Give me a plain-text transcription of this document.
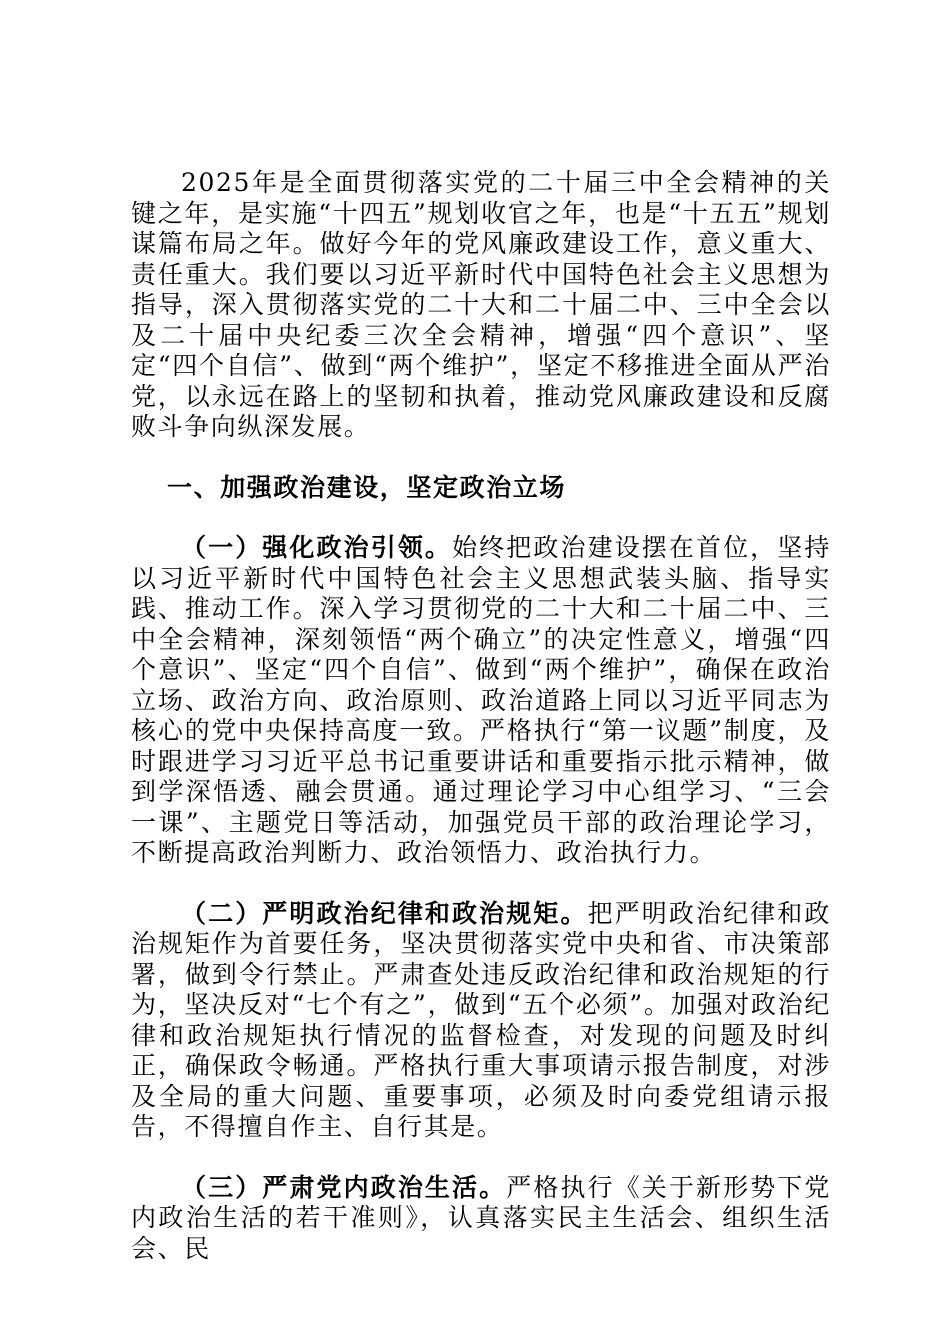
2025年是全面贯彻落实党的二十届三中全会精神的关键之年，是实施“十四五”规划收官之年，也是“十五五”规划谋篇布局之年。做好今年的党风廉政建设工作，意义重大、责任重大。我们要以习近平新时代中国特色社会主义思想为指导，深入贯彻落实党的二十大和二十届二中、三中全会以及二十届中央纪委三次全会精神，增强“四个意识”、坚定“四个自信”、做到“两个维护”，坚定不移推进全面从严治党，以永远在路上的坚韧和执着，推动党风廉政建设和反腐败斗争向纵深发展。

一、加强政治建设，坚定政治立场

（一）强化政治引领。始终把政治建设摆在首位，坚持以习近平新时代中国特色社会主义思想武装头脑、指导实践、推动工作。深入学习贯彻党的二十大和二十届二中、三中全会精神，深刻领悟“两个确立”的决定性意义，增强“四个意识”、坚定“四个自信”、做到“两个维护”，确保在政治立场、政治方向、政治原则、政治道路上同以习近平同志为核心的党中央保持高度一致。严格执行“第一议题”制度，及时跟进学习习近平总书记重要讲话和重要指示批示精神，做到学深悟透、融会贯通。通过理论学习中心组学习、“三会一课”、主题党日等活动，加强党员干部的政治理论学习，不断提高政治判断力、政治领悟力、政治执行力。

（二）严明政治纪律和政治规矩。把严明政治纪律和政治规矩作为首要任务，坚决贯彻落实党中央和省、市决策部署，做到令行禁止。严肃查处违反政治纪律和政治规矩的行为，坚决反对“七个有之”，做到“五个必须”。加强对政治纪律和政治规矩执行情况的监督检查，对发现的问题及时纠正，确保政令畅通。严格执行重大事项请示报告制度，对涉及全局的重大问题、重要事项，必须及时向委党组请示报告，不得擅自作主、自行其是。

（三）严肃党内政治生活。严格执行《关于新形势下党内政治生活的若干准则》，认真落实民主生活会、组织生活会、民
